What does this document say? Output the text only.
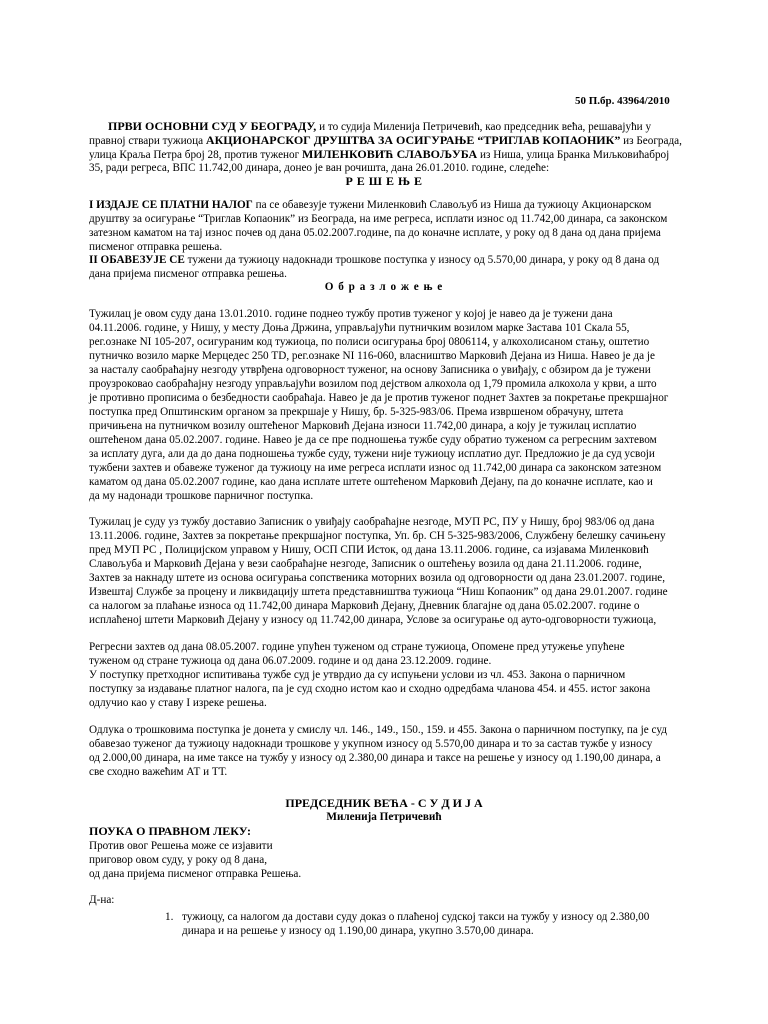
50 П.бр. 43964/2010
ПРВИ ОСНОВНИ СУД У БЕОГРАДУ, и то судија Миленија Петричевић, као председник већа, решавајући у
правној ствари тужиоца АКЦИОНАРСКОГ ДРУШТВА ЗА ОСИГУРАЊЕ “ТРИГЛАВ КОПАОНИК” из Београда,
улица Краља Петра број 28, против туженог МИЛЕНКОВИЋ СЛАВОЉУБА из Ниша, улица Бранка Миљковићаброј
35, ради регреса, ВПС 11.742,00 динара, донео је ван рочишта, дана 26.01.2010. године, следеће:
Р Е Ш Е Њ Е
I ИЗДАЈЕ СЕ ПЛАТНИ НАЛОГ па се обавезује тужени Миленковић Славољуб из Ниша да тужиоцу Акционарском
друштву за осигурање “Триглав Копаоник” из Београда, на име регреса, исплати износ од 11.742,00 динара, са законском
затезном каматом на тај износ почев од дана 05.02.2007.године, па до коначне исплате, у року од 8 дана од дана пријема
писменог отправка решења.
II ОБАВЕЗУЈЕ СЕ тужени да тужиоцу надокнади трошкове поступка у износу од 5.570,00 динара, у року од 8 дана од
дана пријема писменог отправка решења.
О б р а з л о ж е њ е
Тужилац је овом суду дана 13.01.2010. године поднео тужбу против туженог у којој је навео да је тужени дана
04.11.2006. године, у Нишу, у месту Доња Држина, управљајући путничким возилом марке Застава 101 Скала 55,
рег.ознаке NI 105-207, осигураним код тужиоца, по полиси осигурања број 0806114, у алкохолисаном стању, оштетио
путничко возило марке Мерцедес 250 TD, рег.ознаке NI 116-060, власништво Марковић Дејана из Ниша. Навео је да је
за насталу саобраћајну незгоду утврђена одговорност туженог, на основу Записника о увиђају, с обзиром да је тужени
проузроковао саобраћајну незгоду управљајући возилом под дејством алкохола од 1,79 промила алкохола у крви, а што
је противно прописима о безбедности саобраћаја. Навео је да је против туженог поднет Захтев за покретање прекршајног
поступка пред Општинским органом за прекршаје у Нишу, бр. 5-325-983/06. Према извршеном обрачуну, штета
причињена на путничком возилу оштећеног Марковић Дејана износи 11.742,00 динара, а коју је тужилац исплатио
оштећеном дана 05.02.2007. године. Навео је да се пре подношења тужбе суду обратио туженом са регресним захтевом
за исплату дуга, али да до дана подношења тужбе суду, тужени није тужиоцу исплатио дуг. Предложио је да суд усвоји
тужбени захтев и обавеже туженог да тужиоцу на име регреса исплати износ од 11.742,00 динара са законском затезном
каматом од дана 05.02.2007 године, као дана исплате штете оштећеном Марковић Дејану, па до коначне исплате, као и
да му надонади трошкове парничног поступка.
Тужилац је суду уз тужбу доставио Записник о увиђају саобраћајне незгоде, МУП РС, ПУ у Нишу, број 983/06 од дана
13.11.2006. године, Захтев за покретање прекршајног поступка, Уп. бр. СН 5-325-983/2006, Службену белешку сачињену
пред МУП РС , Полицијском управом у Нишу, ОСП СПИ Исток, од дана 13.11.2006. године, са изјавама Миленковић
Славољуба и Марковић Дејана у вези саобраћајне незгоде, Записник о оштећењу возила од дана 21.11.2006. године,
Захтев за накнаду штете из основа осигурања сопственика моторних возила од одговорности од дана 23.01.2007. године,
Извештај Службе за процену и ликвидацију штета представништва тужиоца “Ниш Копаоник” од дана 29.01.2007. године
са налогом за плаћање износа од 11.742,00 динара Марковић Дејану, Дневник благајне од дана 05.02.2007. године о
исплаћеној штети Марковић Дејану у износу од 11.742,00 динара, Услове за осигурање од ауто-одговорности тужиоца,
Регресни захтев од дана 08.05.2007. године упућен туженом од стране тужиоца, Опомене пред утужење упућене
туженом од стране тужиоца од дана 06.07.2009. године и од дана 23.12.2009. године.
У поступку претходног испитивања тужбе суд је утврдио да су испуњени услови из чл. 453. Закона о парничном
поступку за издавање платног налога, па је суд сходно истом као и сходно одредбама чланова 454. и 455. истог закона
одлучио као у ставу I изреке решења.
Одлука о трошковима поступка је донета у смислу чл. 146., 149., 150., 159. и 455. Закона о парничном поступку, па је суд
обавезао туженог да тужиоцу надокнади трошкове у укупном износу од 5.570,00 динара и то за састав тужбе у износу
од 2.000,00 динара, на име таксе на тужбу у износу од 2.380,00 динара и таксе на решење у износу од 1.190,00 динара, а
све сходно важећим АТ и ТТ.
ПРЕДСЕДНИК ВЕЋА - С У Д И Ј А
Миленија Петричевић
ПОУКА О ПРАВНОМ ЛЕКУ:
Против овог Решења може се изјавити
приговор овом суду, у року од 8 дана,
од дана пријема писменог отправка Решења.
Д-на:
1. тужиоцу, са налогом да достави суду доказ о плаћеној судској такси на тужбу у износу од 2.380,00
динара и на решење у износу од 1.190,00 динара, укупно 3.570,00 динара.
